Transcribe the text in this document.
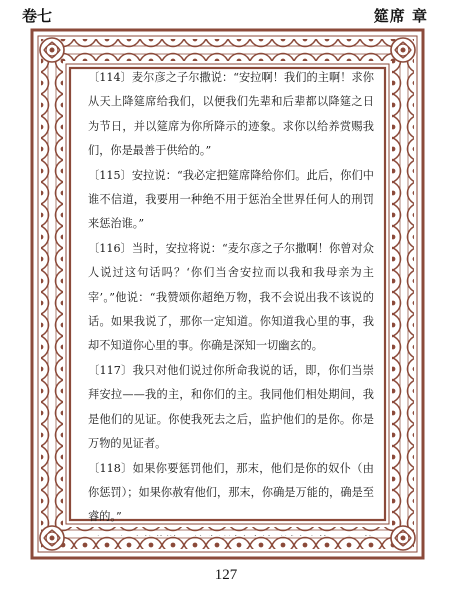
卷七	筵席 章

〔114〕麦尔彦之子尔撒说：“安拉啊！我们的主啊！求你从天上降筵席给我们，以便我们先辈和后辈都以降筵之日为节日，并以筵席为你所降示的迹象。求你以给养赏赐我们，你是最善于供给的。”

〔115〕安拉说：“我必定把筵席降给你们。此后，你们中谁不信道，我要用一种绝不用于惩治全世界任何人的刑罚来惩治谁。”

〔116〕当时，安拉将说：“麦尔彦之子尔撒啊！你曾对众人说过这句话吗？‘你们当舍安拉而以我和我母亲为主宰’。”他说：“我赞颂你超绝万物，我不会说出我不该说的话。如果我说了，那你一定知道。你知道我心里的事，我却不知道你心里的事。你确是深知一切幽玄的。

〔117〕我只对他们说过你所命我说的话，即，你们当崇拜安拉——我的主，和你们的主。我同他们相处期间，我是他们的见证。你使我死去之后，监护他们的是你。你是万物的见证者。

〔118〕如果你要惩罚他们，那末，他们是你的奴仆（由你惩罚）；如果你赦宥他们，那末，你确是万能的，确是至睿的。”

127
